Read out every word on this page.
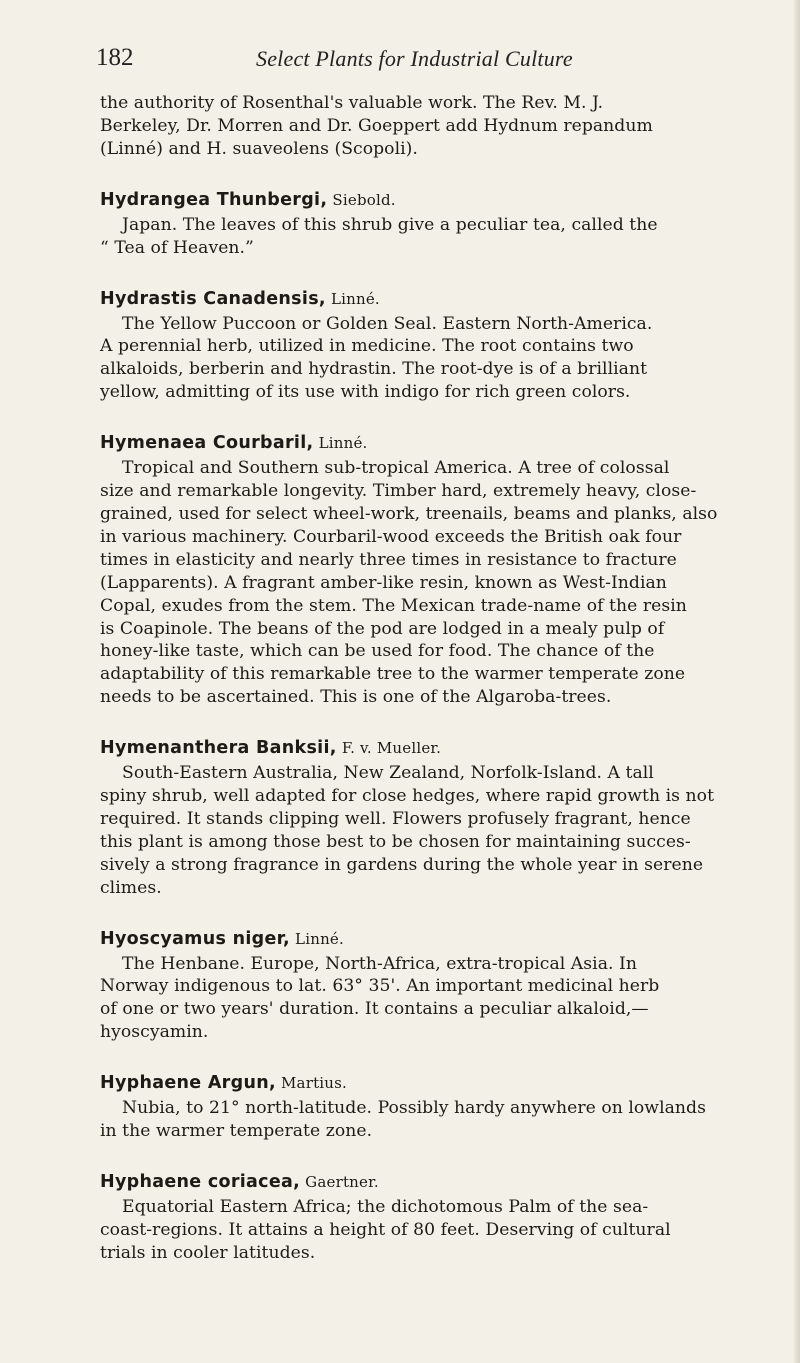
182	Select Plants for Industrial Culture
the authority of Rosenthal's valuable work. The Rev. M. J.
Berkeley, Dr. Morren and Dr. Goeppert add Hydnum repandum
(Linné) and H. suaveolens (Scopoli).
Hydrangea Thunbergi, Siebold.
Japan. The leaves of this shrub give a peculiar tea, called the
“ Tea of Heaven.”
Hydrastis Canadensis, Linné.
The Yellow Puccoon or Golden Seal. Eastern North-America.
A perennial herb, utilized in medicine. The root contains two
alkaloids, berberin and hydrastin. The root-dye is of a brilliant
yellow, admitting of its use with indigo for rich green colors.
Hymenaea Courbaril, Linné.
Tropical and Southern sub-tropical America. A tree of colossal
size and remarkable longevity. Timber hard, extremely heavy, close-
grained, used for select wheel-work, treenails, beams and planks, also
in various machinery. Courbaril-wood exceeds the British oak four
times in elasticity and nearly three times in resistance to fracture
(Lapparents). A fragrant amber-like resin, known as West-Indian
Copal, exudes from the stem. The Mexican trade-name of the resin
is Coapinole. The beans of the pod are lodged in a mealy pulp of
honey-like taste, which can be used for food. The chance of the
adaptability of this remarkable tree to the warmer temperate zone
needs to be ascertained. This is one of the Algaroba-trees.
Hymenanthera Banksii, F. v. Mueller.
South-Eastern Australia, New Zealand, Norfolk-Island. A tall
spiny shrub, well adapted for close hedges, where rapid growth is not
required. It stands clipping well. Flowers profusely fragrant, hence
this plant is among those best to be chosen for maintaining succes-
sively a strong fragrance in gardens during the whole year in serene
climes.
Hyoscyamus niger, Linné.
The Henbane. Europe, North-Africa, extra-tropical Asia. In
Norway indigenous to lat. 63° 35'. An important medicinal herb
of one or two years' duration. It contains a peculiar alkaloid,—
hyoscyamin.
Hyphaene Argun, Martius.
Nubia, to 21° north-latitude. Possibly hardy anywhere on lowlands
in the warmer temperate zone.
Hyphaene coriacea, Gaertner.
Equatorial Eastern Africa; the dichotomous Palm of the sea-
coast-regions. It attains a height of 80 feet. Deserving of cultural
trials in cooler latitudes.
